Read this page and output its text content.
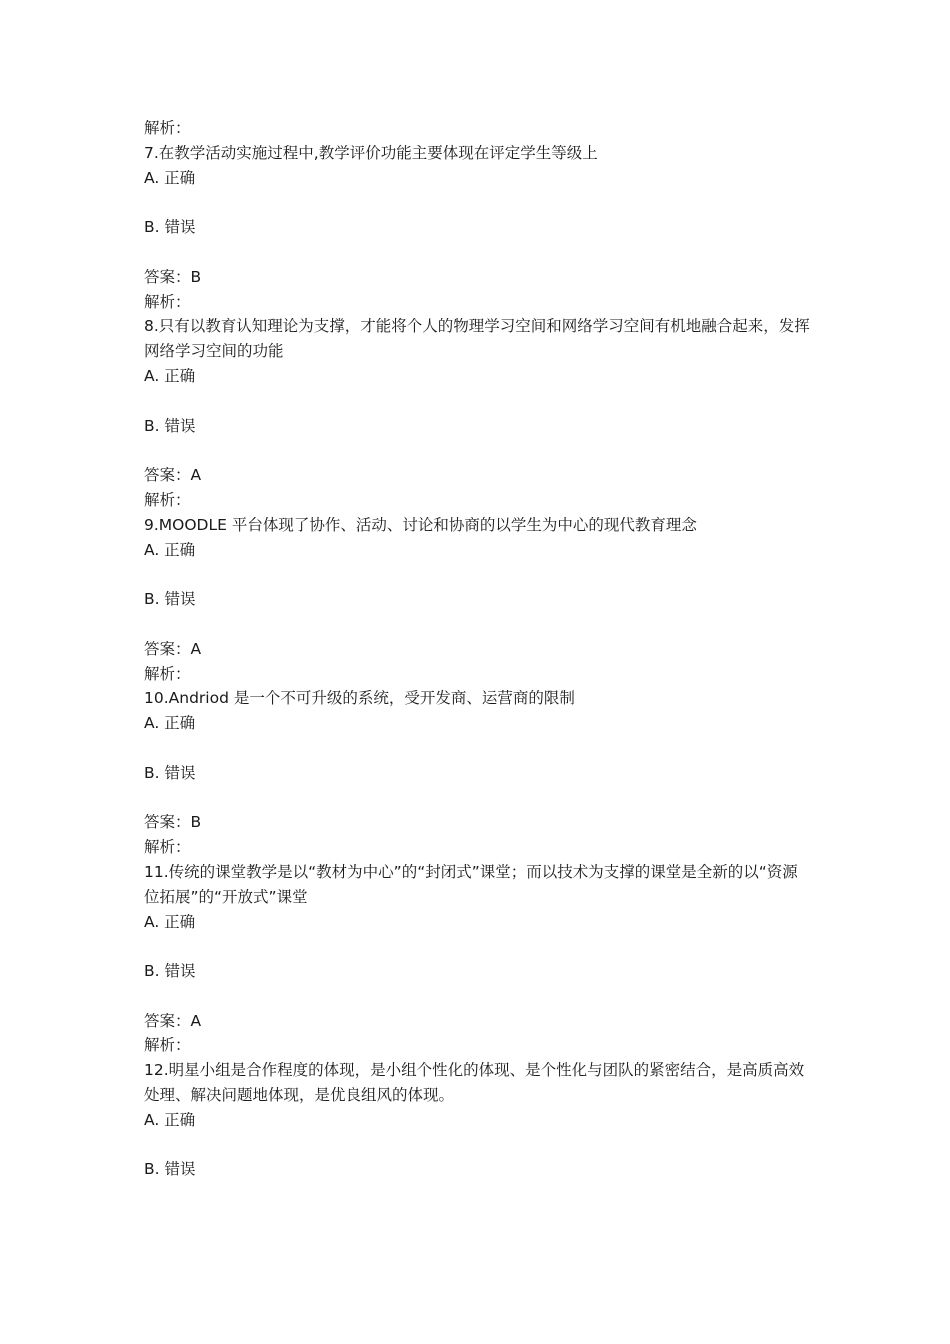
解析：
7.在教学活动实施过程中,教学评价功能主要体现在评定学生等级上
A. 正确
B. 错误
答案：B
解析：
8.只有以教育认知理论为支撑，才能将个人的物理学习空间和网络学习空间有机地融合起来，发挥网络学习空间的功能
A. 正确
B. 错误
答案：A
解析：
9.MOODLE 平台体现了协作、活动、讨论和协商的以学生为中心的现代教育理念
A. 正确
B. 错误
答案：A
解析：
10.Andriod 是一个不可升级的系统，受开发商、运营商的限制
A. 正确
B. 错误
答案：B
解析：
11.传统的课堂教学是以“教材为中心”的“封闭式”课堂；而以技术为支撑的课堂是全新的以“资源位拓展”的“开放式”课堂
A. 正确
B. 错误
答案：A
解析：
12.明星小组是合作程度的体现，是小组个性化的体现、是个性化与团队的紧密结合，是高质高效处理、解决问题地体现，是优良组风的体现。
A. 正确
B. 错误
